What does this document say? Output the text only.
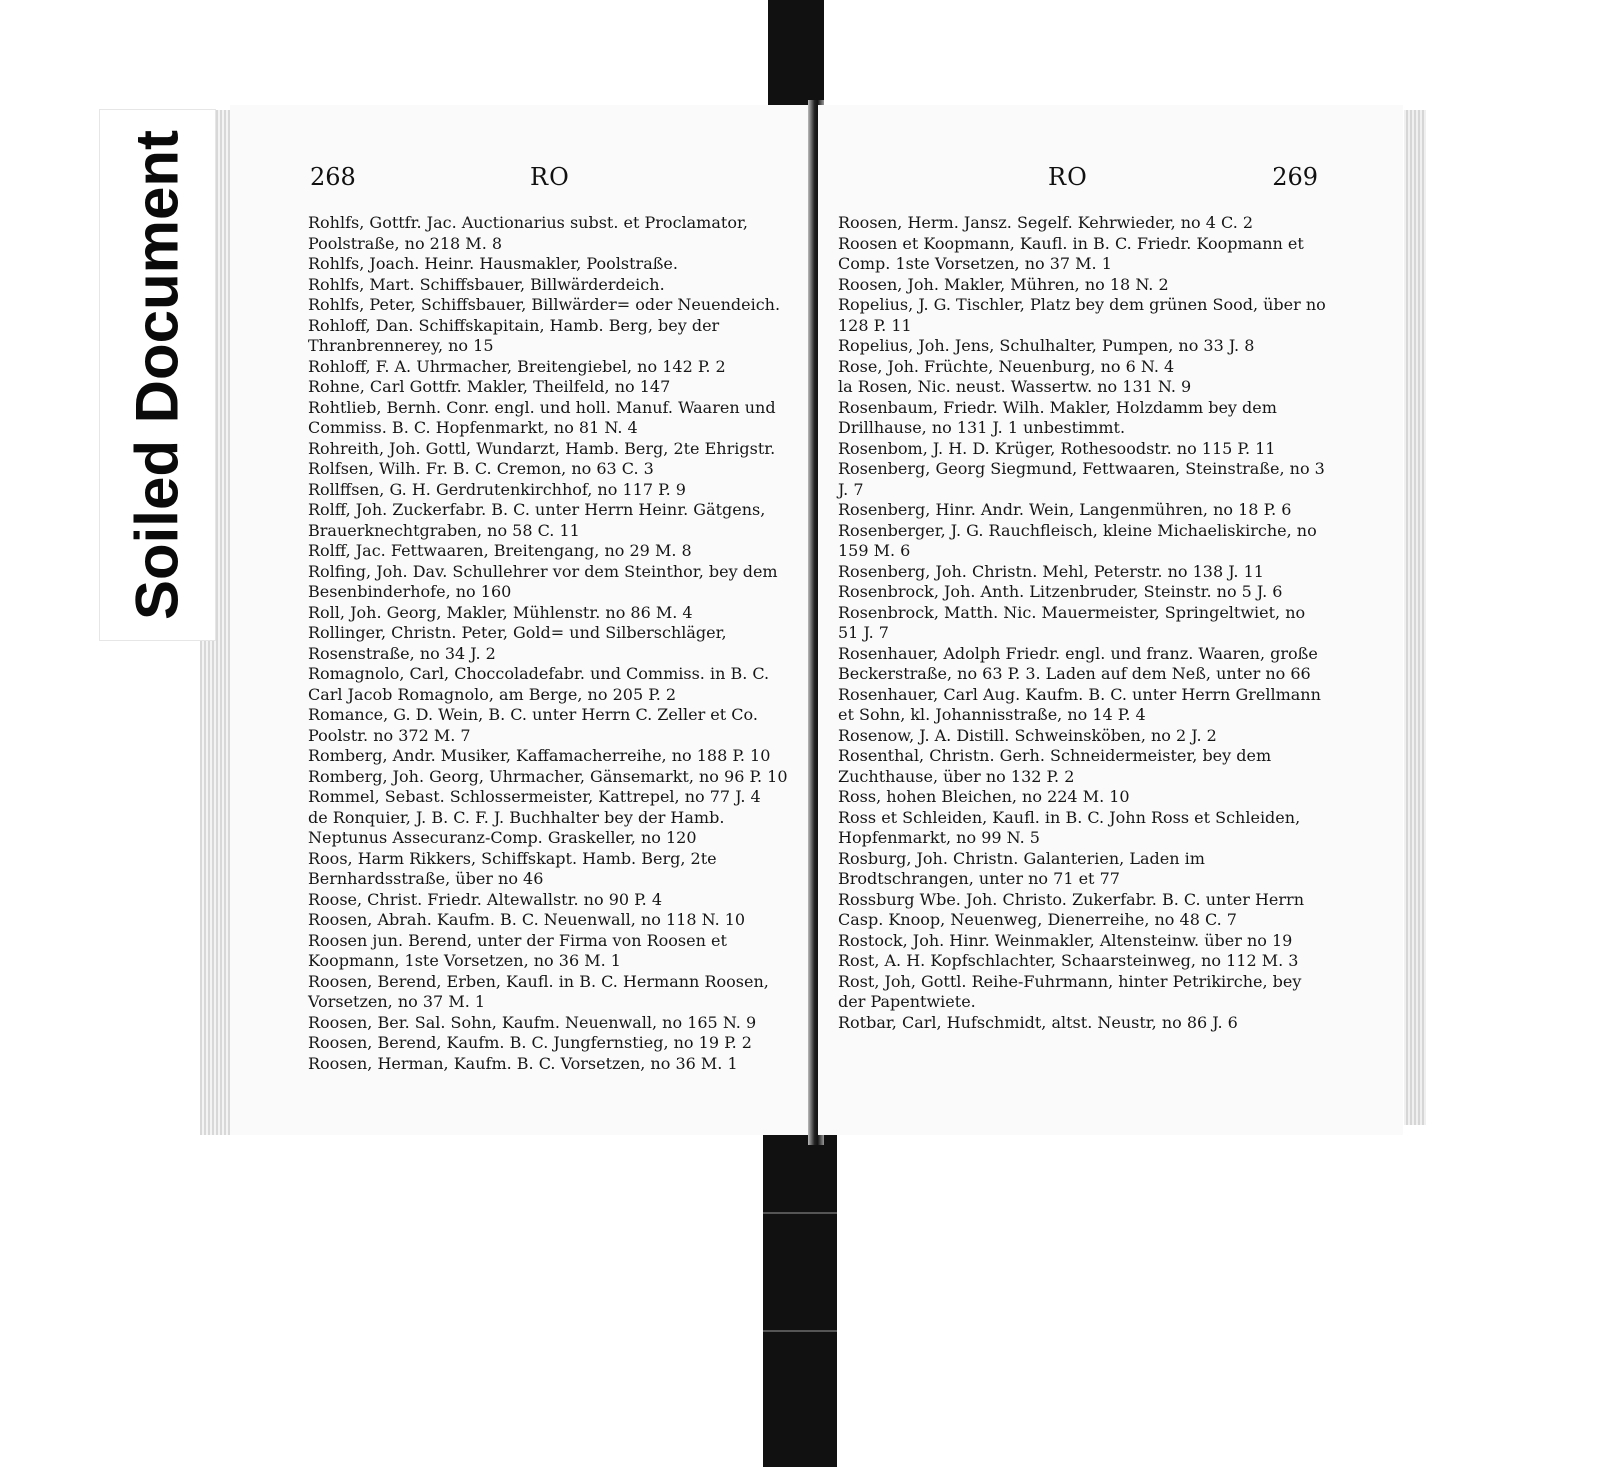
268	RO
Rohlfs, Gottfr. Jac. Auctionarius subst. et Proclamator, Poolstraße, no 218 M. 8
Rohlfs, Joach. Heinr. Hausmakler, Poolstraße.
Rohlfs, Mart. Schiffsbauer, Billwärderdeich.
Rohlfs, Peter, Schiffsbauer, Billwärder= oder Neuendeich.
Rohloff, Dan. Schiffskapitain, Hamb. Berg, bey der Thranbrennerey, no 15
Rohloff, F. A. Uhrmacher, Breitengiebel, no 142 P. 2
Rohne, Carl Gottfr. Makler, Theilfeld, no 147
Rohtlieb, Bernh. Conr. engl. und holl. Manuf. Waaren und Commiss. B. C. Hopfenmarkt, no 81 N. 4
Rohreith, Joh. Gottl, Wundarzt, Hamb. Berg, 2te Ehrigstr.
Rolfsen, Wilh. Fr. B. C. Cremon, no 63 C. 3
Rollffsen, G. H. Gerdrutenkirchhof, no 117 P. 9
Rolff, Joh. Zuckerfabr. B. C. unter Herrn Heinr. Gätgens, Brauerknechtgraben, no 58 C. 11
Rolff, Jac. Fettwaaren, Breitengang, no 29 M. 8
Rolfing, Joh. Dav. Schullehrer vor dem Steinthor, bey dem Besenbinderhofe, no 160
Roll, Joh. Georg, Makler, Mühlenstr. no 86 M. 4
Rollinger, Christn. Peter, Gold= und Silberschläger, Rosenstraße, no 34 J. 2
Romagnolo, Carl, Choccoladefabr. und Commiss. in B. C. Carl Jacob Romagnolo, am Berge, no 205 P. 2
Romance, G. D. Wein, B. C. unter Herrn C. Zeller et Co. Poolstr. no 372 M. 7
Romberg, Andr. Musiker, Kaffamacherreihe, no 188 P. 10
Romberg, Joh. Georg, Uhrmacher, Gänsemarkt, no 96 P. 10
Rommel, Sebast. Schlossermeister, Kattrepel, no 77 J. 4
de Ronquier, J. B. C. F. J. Buchhalter bey der Hamb. Neptunus Assecuranz-Comp. Graskeller, no 120
Roos, Harm Rikkers, Schiffskapt. Hamb. Berg, 2te Bernhardsstraße, über no 46
Roose, Christ. Friedr. Altewallstr. no 90 P. 4
Roosen, Abrah. Kaufm. B. C. Neuenwall, no 118 N. 10
Roosen jun. Berend, unter der Firma von Roosen et Koopmann, 1ste Vorsetzen, no 36 M. 1
Roosen, Berend, Erben, Kaufl. in B. C. Hermann Roosen, Vorsetzen, no 37 M. 1
Roosen, Ber. Sal. Sohn, Kaufm. Neuenwall, no 165 N. 9
Roosen, Berend, Kaufm. B. C. Jungfernstieg, no 19 P. 2
Roosen, Herman, Kaufm. B. C. Vorsetzen, no 36 M. 1
RO	269
Roosen, Herm. Jansz. Segelf. Kehrwieder, no 4 C. 2
Roosen et Koopmann, Kaufl. in B. C. Friedr. Koopmann et Comp. 1ste Vorsetzen, no 37 M. 1
Roosen, Joh. Makler, Mühren, no 18 N. 2
Ropelius, J. G. Tischler, Platz bey dem grünen Sood, über no 128 P. 11
Ropelius, Joh. Jens, Schulhalter, Pumpen, no 33 J. 8
Rose, Joh. Früchte, Neuenburg, no 6 N. 4
la Rosen, Nic. neust. Wassertw. no 131 N. 9
Rosenbaum, Friedr. Wilh. Makler, Holzdamm bey dem Drillhause, no 131 J. 1 unbestimmt.
Rosenbom, J. H. D. Krüger, Rothesoodstr. no 115 P. 11
Rosenberg, Georg Siegmund, Fettwaaren, Steinstraße, no 3 J. 7
Rosenberg, Hinr. Andr. Wein, Langenmühren, no 18 P. 6
Rosenberger, J. G. Rauchfleisch, kleine Michaeliskirche, no 159 M. 6
Rosenberg, Joh. Christn. Mehl, Peterstr. no 138 J. 11
Rosenbrock, Joh. Anth. Litzenbruder, Steinstr. no 5 J. 6
Rosenbrock, Matth. Nic. Mauermeister, Springeltwiet, no 51 J. 7
Rosenhauer, Adolph Friedr. engl. und franz. Waaren, große Beckerstraße, no 63 P. 3. Laden auf dem Neß, unter no 66
Rosenhauer, Carl Aug. Kaufm. B. C. unter Herrn Grellmann et Sohn, kl. Johannisstraße, no 14 P. 4
Rosenow, J. A. Distill. Schweinsköben, no 2 J. 2
Rosenthal, Christn. Gerh. Schneidermeister, bey dem Zuchthause, über no 132 P. 2
Ross, hohen Bleichen, no 224 M. 10
Ross et Schleiden, Kaufl. in B. C. John Ross et Schleiden, Hopfenmarkt, no 99 N. 5
Rosburg, Joh. Christn. Galanterien, Laden im Brodtschrangen, unter no 71 et 77
Rossburg Wbe. Joh. Christo. Zukerfabr. B. C. unter Herrn Casp. Knoop, Neuenweg, Dienerreihe, no 48 C. 7
Rostock, Joh. Hinr. Weinmakler, Altensteinw. über no 19
Rost, A. H. Kopfschlachter, Schaarsteinweg, no 112 M. 3
Rost, Joh, Gottl. Reihe-Fuhrmann, hinter Petrikirche, bey der Papentwiete.
Rotbar, Carl, Hufschmidt, altst. Neustr, no 86 J. 6
Soiled Document
